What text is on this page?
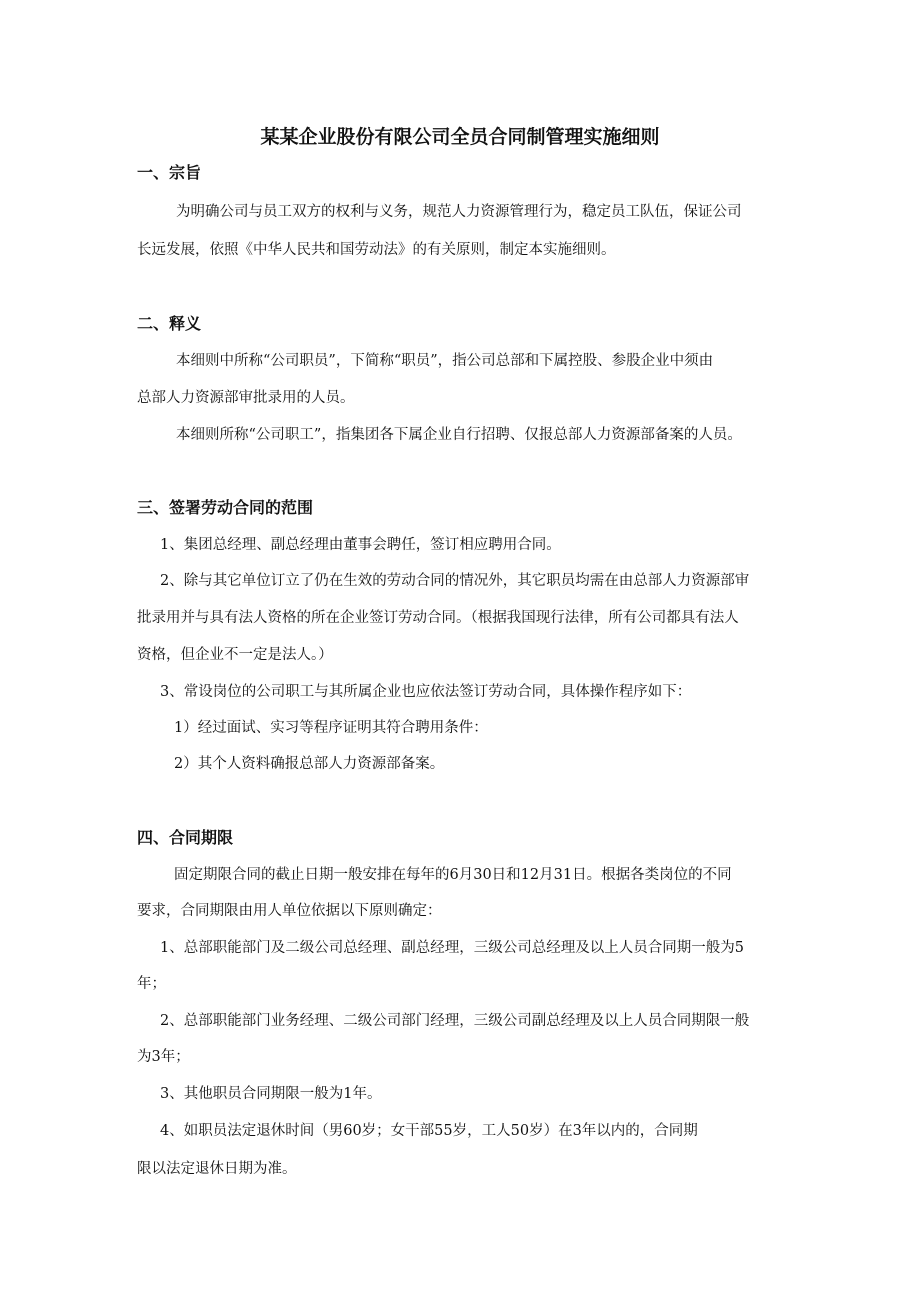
某某企业股份有限公司全员合同制管理实施细则
一、宗旨

为明确公司与员工双方的权利与义务，规范人力资源管理行为，稳定员工队伍，保证公司

长远发展，依照《中华人民共和国劳动法》的有关原则，制定本实施细则。

二、释义

本细则中所称“公司职员”，下简称“职员”，指公司总部和下属控股、参股企业中须由

总部人力资源部审批录用的人员。

本细则所称“公司职工”，指集团各下属企业自行招聘、仅报总部人力资源部备案的人员。

三、签署劳动合同的范围

1、集团总经理、副总经理由董事会聘任，签订相应聘用合同。

2、除与其它单位订立了仍在生效的劳动合同的情况外，其它职员均需在由总部人力资源部审

批录用并与具有法人资格的所在企业签订劳动合同。（根据我国现行法律，所有公司都具有法人

资格，但企业不一定是法人。）

3、常设岗位的公司职工与其所属企业也应依法签订劳动合同，具体操作程序如下：

1）经过面试、实习等程序证明其符合聘用条件：

2）其个人资料确报总部人力资源部备案。

四、合同期限

固定期限合同的截止日期一般安排在每年的6月30日和12月31日。根据各类岗位的不同

要求，合同期限由用人单位依据以下原则确定：

1、总部职能部门及二级公司总经理、副总经理，三级公司总经理及以上人员合同期一般为5

年；

2、总部职能部门业务经理、二级公司部门经理，三级公司副总经理及以上人员合同期限一般

为3年；

3、其他职员合同期限一般为1年。

4、如职员法定退休时间（男60岁；女干部55岁，工人50岁）在3年以内的，合同期

限以法定退休日期为准。
